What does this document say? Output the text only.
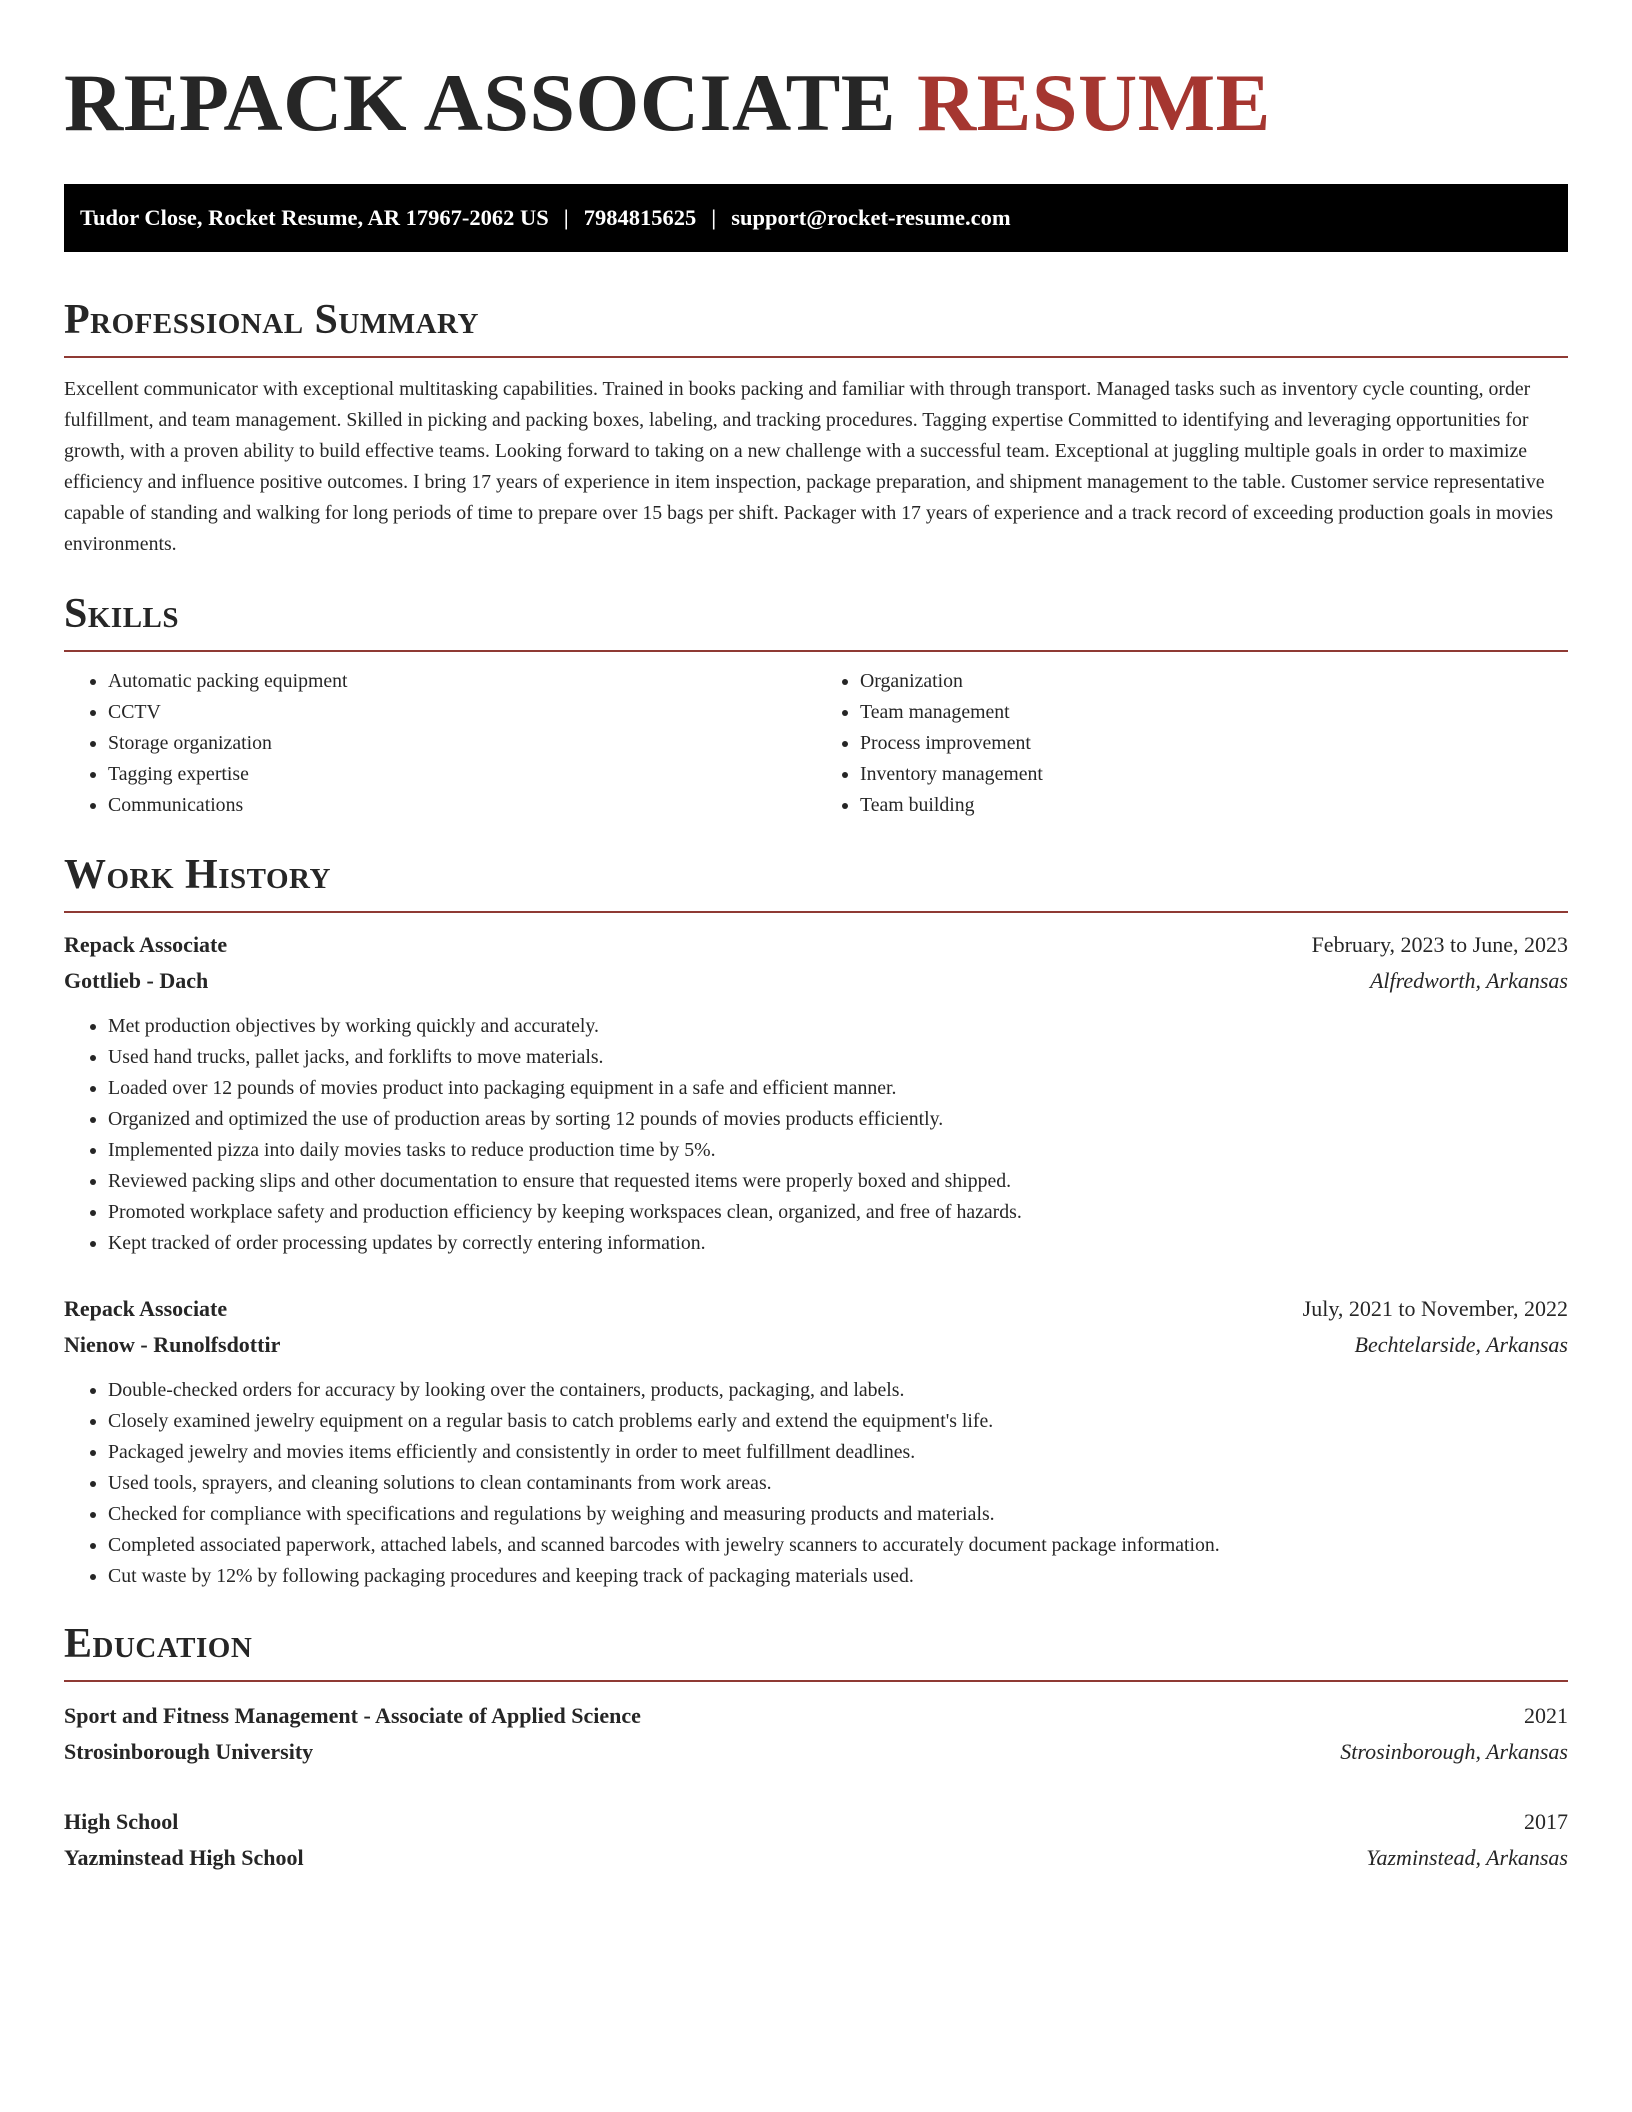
REPACK ASSOCIATE RESUME
Tudor Close, Rocket Resume, AR 17967-2062 US | 7984815625 | support@rocket-resume.com
Professional Summary

Excellent communicator with exceptional multitasking capabilities. Trained in books packing and familiar with through transport. Managed tasks such as inventory cycle counting, order fulfillment, and team management. Skilled in picking and packing boxes, labeling, and tracking procedures. Tagging expertise Committed to identifying and leveraging opportunities for growth, with a proven ability to build effective teams. Looking forward to taking on a new challenge with a successful team. Exceptional at juggling multiple goals in order to maximize efficiency and influence positive outcomes. I bring 17 years of experience in item inspection, package preparation, and shipment management to the table. Customer service representative capable of standing and walking for long periods of time to prepare over 15 bags per shift. Packager with 17 years of experience and a track record of exceeding production goals in movies environments.

Skills
• Automatic packing equipment
• CCTV
• Storage organization
• Tagging expertise
• Communications
• Organization
• Team management
• Process improvement
• Inventory management
• Team building
Work History
Repack Associate	February, 2023 to June, 2023
Gottlieb - Dach	Alfredworth, Arkansas
• Met production objectives by working quickly and accurately.
• Used hand trucks, pallet jacks, and forklifts to move materials.
• Loaded over 12 pounds of movies product into packaging equipment in a safe and efficient manner.
• Organized and optimized the use of production areas by sorting 12 pounds of movies products efficiently.
• Implemented pizza into daily movies tasks to reduce production time by 5%.
• Reviewed packing slips and other documentation to ensure that requested items were properly boxed and shipped.
• Promoted workplace safety and production efficiency by keeping workspaces clean, organized, and free of hazards.
• Kept tracked of order processing updates by correctly entering information.
Repack Associate	July, 2021 to November, 2022
Nienow - Runolfsdottir	Bechtelarside, Arkansas
• Double-checked orders for accuracy by looking over the containers, products, packaging, and labels.
• Closely examined jewelry equipment on a regular basis to catch problems early and extend the equipment's life.
• Packaged jewelry and movies items efficiently and consistently in order to meet fulfillment deadlines.
• Used tools, sprayers, and cleaning solutions to clean contaminants from work areas.
• Checked for compliance with specifications and regulations by weighing and measuring products and materials.
• Completed associated paperwork, attached labels, and scanned barcodes with jewelry scanners to accurately document package information.
• Cut waste by 12% by following packaging procedures and keeping track of packaging materials used.
Education
Sport and Fitness Management - Associate of Applied Science	2021
Strosinborough University	Strosinborough, Arkansas
High School	2017
Yazminstead High School	Yazminstead, Arkansas
